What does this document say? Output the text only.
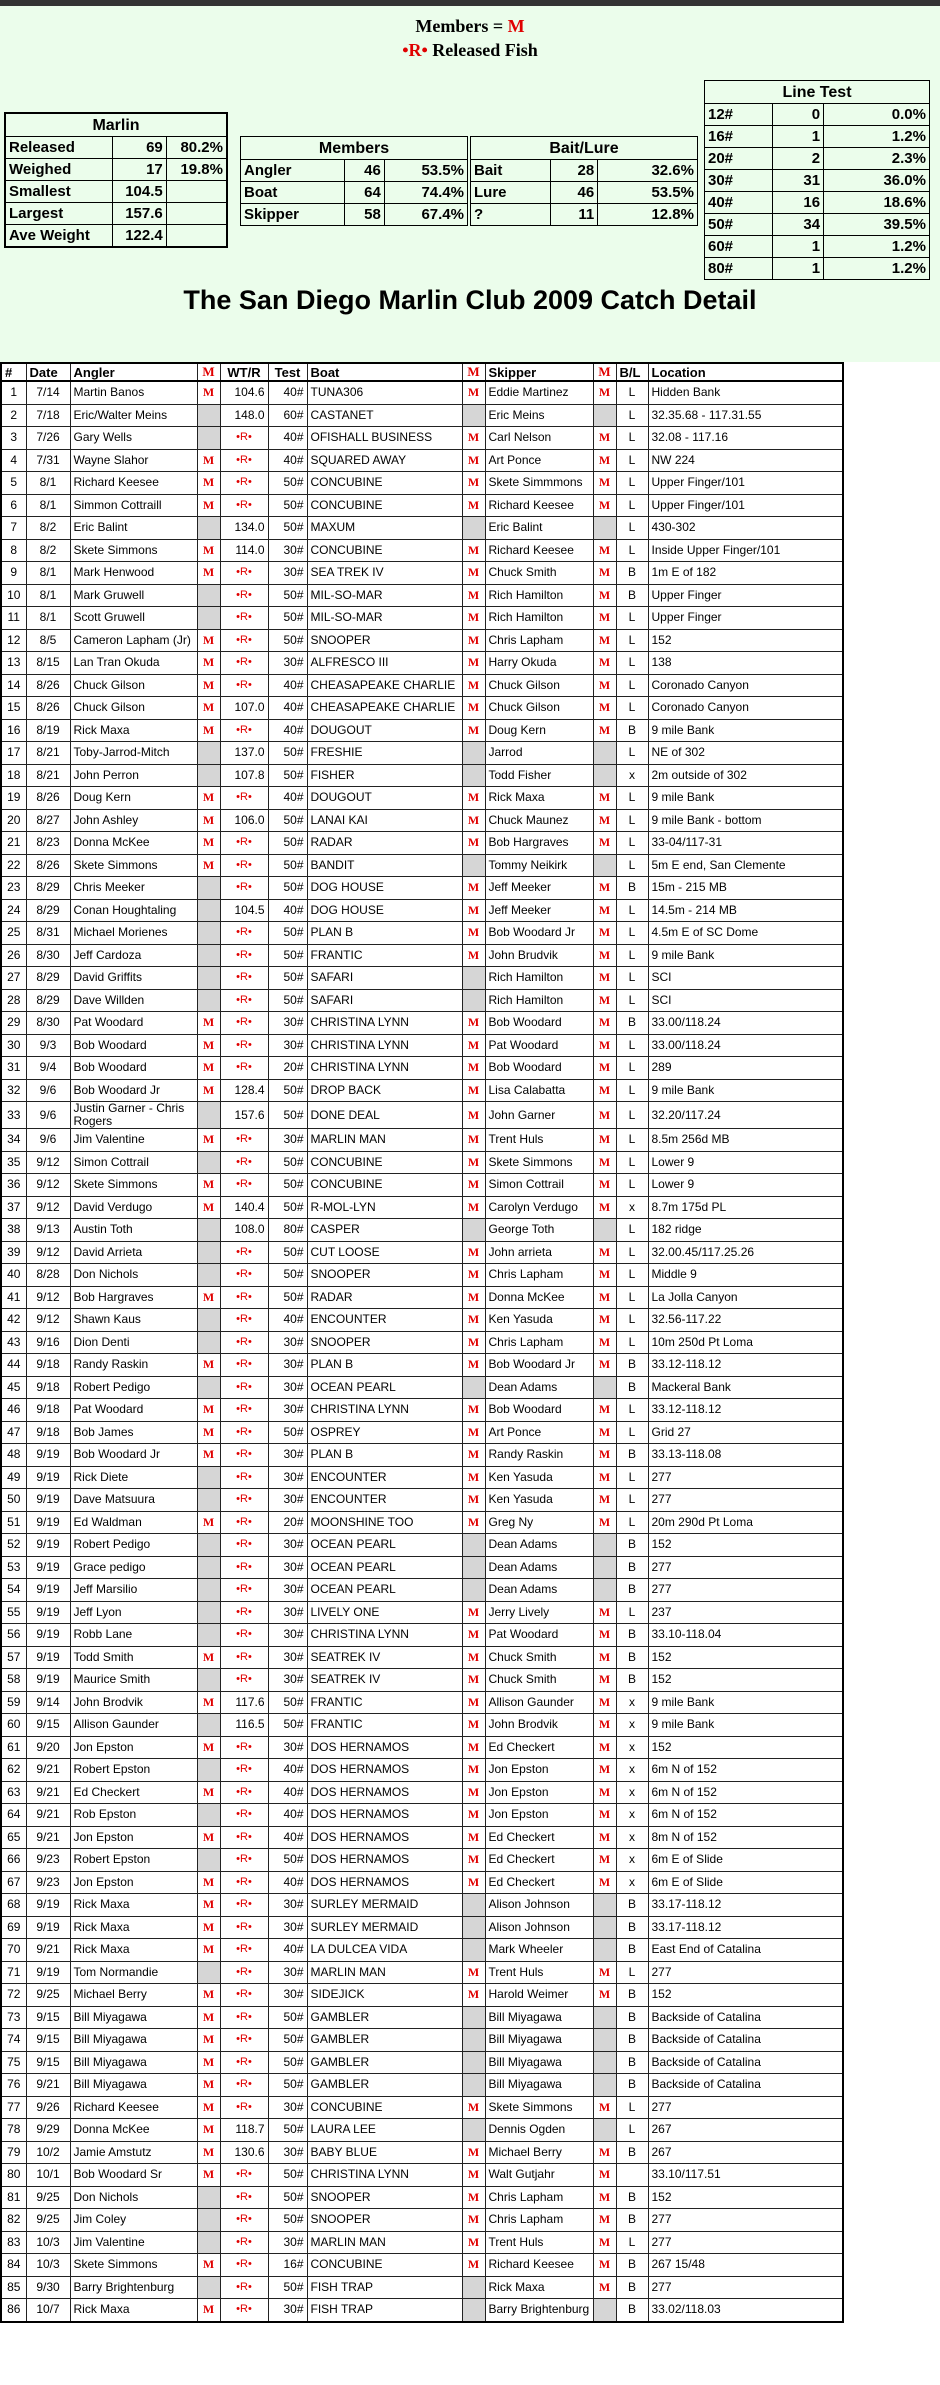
Members = M
•R• Released Fish
Marlin		
Released	69	80.2%
Weighed	17	19.8%
Smallest	104.5	
Largest	157.6	
Ave Weight	122.4	
Members		
Angler	46	53.5%
Boat	64	74.4%
Skipper	58	67.4%
Bait/Lure		
Bait	28	32.6%
Lure	46	53.5%
?	11	12.8%
Line Test		
12#	0	0.0%
16#	1	1.2%
20#	2	2.3%
30#	31	36.0%
40#	16	18.6%
50#	34	39.5%
60#	1	1.2%
80#	1	1.2%
The San Diego Marlin Club 2009 Catch Detail
#	Date	Angler	M	WT/R	Test	Boat	M	Skipper	M	B/L	Location
1	7/14	Martin Banos	M	104.6	40#	TUNA306	M	Eddie Martinez	M	L	Hidden Bank
2	7/18	Eric/Walter Meins		148.0	60#	CASTANET		Eric Meins		L	32.35.68 - 117.31.55
3	7/26	Gary Wells		•R•	40#	OFISHALL BUSINESS	M	Carl Nelson	M	L	32.08 - 117.16
4	7/31	Wayne Slahor	M	•R•	40#	SQUARED AWAY	M	Art Ponce	M	L	NW 224
5	8/1	Richard Keesee	M	•R•	50#	CONCUBINE	M	Skete Simmmons	M	L	Upper Finger/101
6	8/1	Simmon Cottraill	M	•R•	50#	CONCUBINE	M	Richard Keesee	M	L	Upper Finger/101
7	8/2	Eric Balint		134.0	50#	MAXUM		Eric Balint		L	430-302
8	8/2	Skete Simmons	M	114.0	30#	CONCUBINE	M	Richard Keesee	M	L	Inside Upper Finger/101
9	8/1	Mark Henwood	M	•R•	30#	SEA TREK IV	M	Chuck Smith	M	B	1m E of 182
10	8/1	Mark Gruwell		•R•	50#	MIL-SO-MAR	M	Rich Hamilton	M	B	Upper Finger
11	8/1	Scott Gruwell		•R•	50#	MIL-SO-MAR	M	Rich Hamilton	M	L	Upper Finger
12	8/5	Cameron Lapham (Jr)	M	•R•	50#	SNOOPER	M	Chris Lapham	M	L	152
13	8/15	Lan Tran Okuda	M	•R•	30#	ALFRESCO III	M	Harry Okuda	M	L	138
14	8/26	Chuck Gilson	M	•R•	40#	CHEASAPEAKE CHARLIE	M	Chuck Gilson	M	L	Coronado Canyon
15	8/26	Chuck Gilson	M	107.0	40#	CHEASAPEAKE CHARLIE	M	Chuck Gilson	M	L	Coronado Canyon
16	8/19	Rick Maxa	M	•R•	40#	DOUGOUT	M	Doug Kern	M	B	9 mile Bank
17	8/21	Toby-Jarrod-Mitch		137.0	50#	FRESHIE		Jarrod		L	NE of 302
18	8/21	John Perron		107.8	50#	FISHER		Todd Fisher		x	2m outside of 302
19	8/26	Doug Kern	M	•R•	40#	DOUGOUT	M	Rick Maxa	M	L	9 mile Bank
20	8/27	John Ashley	M	106.0	50#	LANAI KAI	M	Chuck Maunez	M	L	9 mile Bank - bottom
21	8/23	Donna McKee	M	•R•	50#	RADAR	M	Bob Hargraves	M	L	33-04/117-31
22	8/26	Skete Simmons	M	•R•	50#	BANDIT		Tommy Neikirk		L	5m E end, San Clemente
23	8/29	Chris Meeker		•R•	50#	DOG HOUSE	M	Jeff Meeker	M	B	15m - 215 MB
24	8/29	Conan Houghtaling		104.5	40#	DOG HOUSE	M	Jeff Meeker	M	L	14.5m - 214 MB
25	8/31	Michael Morienes		•R•	50#	PLAN B	M	Bob Woodard Jr	M	L	4.5m E of SC Dome
26	8/30	Jeff Cardoza		•R•	50#	FRANTIC	M	John Brudvik	M	L	9 mile Bank
27	8/29	David Griffits		•R•	50#	SAFARI		Rich Hamilton	M	L	SCI
28	8/29	Dave Willden		•R•	50#	SAFARI		Rich Hamilton	M	L	SCI
29	8/30	Pat Woodard	M	•R•	30#	CHRISTINA LYNN	M	Bob Woodard	M	B	33.00/118.24
30	9/3	Bob Woodard	M	•R•	30#	CHRISTINA LYNN	M	Pat Woodard	M	L	33.00/118.24
31	9/4	Bob Woodard	M	•R•	20#	CHRISTINA LYNN	M	Bob Woodard	M	L	289
32	9/6	Bob Woodard Jr	M	128.4	50#	DROP BACK	M	Lisa Calabatta	M	L	9 mile Bank
33	9/6	Justin Garner - Chris Rogers		157.6	50#	DONE DEAL	M	John Garner	M	L	32.20/117.24
34	9/6	Jim Valentine	M	•R•	30#	MARLIN MAN	M	Trent Huls	M	L	8.5m 256d MB
35	9/12	Simon Cottrail		•R•	50#	CONCUBINE	M	Skete Simmons	M	L	Lower 9
36	9/12	Skete Simmons	M	•R•	50#	CONCUBINE	M	Simon Cottrail	M	L	Lower 9
37	9/12	David Verdugo	M	140.4	50#	R-MOL-LYN	M	Carolyn Verdugo	M	x	8.7m 175d PL
38	9/13	Austin Toth		108.0	80#	CASPER		George Toth		L	182 ridge
39	9/12	David Arrieta		•R•	50#	CUT LOOSE	M	John arrieta	M	L	32.00.45/117.25.26
40	8/28	Don Nichols		•R•	50#	SNOOPER	M	Chris Lapham	M	L	Middle 9
41	9/12	Bob Hargraves	M	•R•	50#	RADAR	M	Donna McKee	M	L	La Jolla Canyon
42	9/12	Shawn Kaus		•R•	40#	ENCOUNTER	M	Ken Yasuda	M	L	32.56-117.22
43	9/16	Dion Denti		•R•	30#	SNOOPER	M	Chris Lapham	M	L	10m 250d Pt Loma
44	9/18	Randy Raskin	M	•R•	30#	PLAN B	M	Bob Woodard Jr	M	B	33.12-118.12
45	9/18	Robert Pedigo		•R•	30#	OCEAN PEARL		Dean Adams		B	Mackeral Bank
46	9/18	Pat Woodard	M	•R•	30#	CHRISTINA LYNN	M	Bob Woodard	M	L	33.12-118.12
47	9/18	Bob James	M	•R•	50#	OSPREY	M	Art Ponce	M	L	Grid 27
48	9/19	Bob Woodard Jr	M	•R•	30#	PLAN B	M	Randy Raskin	M	B	33.13-118.08
49	9/19	Rick Diete		•R•	30#	ENCOUNTER	M	Ken Yasuda	M	L	277
50	9/19	Dave Matsuura		•R•	30#	ENCOUNTER	M	Ken Yasuda	M	L	277
51	9/19	Ed Waldman	M	•R•	20#	MOONSHINE TOO	M	Greg Ny	M	L	20m 290d Pt Loma
52	9/19	Robert Pedigo		•R•	30#	OCEAN PEARL		Dean Adams		B	152
53	9/19	Grace pedigo		•R•	30#	OCEAN PEARL		Dean Adams		B	277
54	9/19	Jeff Marsilio		•R•	30#	OCEAN PEARL		Dean Adams		B	277
55	9/19	Jeff Lyon		•R•	30#	LIVELY ONE	M	Jerry Lively	M	L	237
56	9/19	Robb Lane		•R•	30#	CHRISTINA LYNN	M	Pat Woodard	M	B	33.10-118.04
57	9/19	Todd Smith	M	•R•	30#	SEATREK IV	M	Chuck Smith	M	B	152
58	9/19	Maurice Smith		•R•	30#	SEATREK IV	M	Chuck Smith	M	B	152
59	9/14	John Brodvik	M	117.6	50#	FRANTIC	M	Allison Gaunder	M	x	9 mile Bank
60	9/15	Allison Gaunder		116.5	50#	FRANTIC	M	John Brodvik	M	x	9 mile Bank
61	9/20	Jon Epston	M	•R•	30#	DOS HERNAMOS	M	Ed Checkert	M	x	152
62	9/21	Robert Epston		•R•	40#	DOS HERNAMOS	M	Jon Epston	M	x	6m N of 152
63	9/21	Ed Checkert	M	•R•	40#	DOS HERNAMOS	M	Jon Epston	M	x	6m N of 152
64	9/21	Rob Epston		•R•	40#	DOS HERNAMOS	M	Jon Epston	M	x	6m N of 152
65	9/21	Jon Epston	M	•R•	40#	DOS HERNAMOS	M	Ed Checkert	M	x	8m N of 152
66	9/23	Robert Epston		•R•	50#	DOS HERNAMOS	M	Ed Checkert	M	x	6m E of Slide
67	9/23	Jon Epston	M	•R•	40#	DOS HERNAMOS	M	Ed Checkert	M	x	6m E of Slide
68	9/19	Rick Maxa	M	•R•	30#	SURLEY MERMAID		Alison Johnson		B	33.17-118.12
69	9/19	Rick Maxa	M	•R•	30#	SURLEY MERMAID		Alison Johnson		B	33.17-118.12
70	9/21	Rick Maxa	M	•R•	40#	LA DULCEA VIDA		Mark Wheeler		B	East End of Catalina
71	9/19	Tom Normandie		•R•	30#	MARLIN MAN	M	Trent Huls	M	L	277
72	9/25	Michael Berry	M	•R•	30#	SIDEJICK	M	Harold Weimer	M	B	152
73	9/15	Bill Miyagawa	M	•R•	50#	GAMBLER		Bill Miyagawa		B	Backside of Catalina
74	9/15	Bill Miyagawa	M	•R•	50#	GAMBLER		Bill Miyagawa		B	Backside of Catalina
75	9/15	Bill Miyagawa	M	•R•	50#	GAMBLER		Bill Miyagawa		B	Backside of Catalina
76	9/21	Bill Miyagawa	M	•R•	50#	GAMBLER		Bill Miyagawa		B	Backside of Catalina
77	9/26	Richard Keesee	M	•R•	30#	CONCUBINE	M	Skete Simmons	M	L	277
78	9/29	Donna McKee	M	118.7	50#	LAURA LEE		Dennis Ogden		L	267
79	10/2	Jamie Amstutz	M	130.6	30#	BABY BLUE	M	Michael Berry	M	B	267
80	10/1	Bob Woodard Sr	M	•R•	50#	CHRISTINA LYNN	M	Walt Gutjahr	M		33.10/117.51
81	9/25	Don Nichols		•R•	50#	SNOOPER	M	Chris Lapham	M	B	152
82	9/25	Jim Coley		•R•	50#	SNOOPER	M	Chris Lapham	M	B	277
83	10/3	Jim Valentine		•R•	30#	MARLIN MAN	M	Trent Huls	M	L	277
84	10/3	Skete Simmons	M	•R•	16#	CONCUBINE	M	Richard Keesee	M	B	267 15/48
85	9/30	Barry Brightenburg		•R•	50#	FISH TRAP		Rick Maxa	M	B	277
86	10/7	Rick Maxa	M	•R•	30#	FISH TRAP		Barry Brightenburg		B	33.02/118.03
